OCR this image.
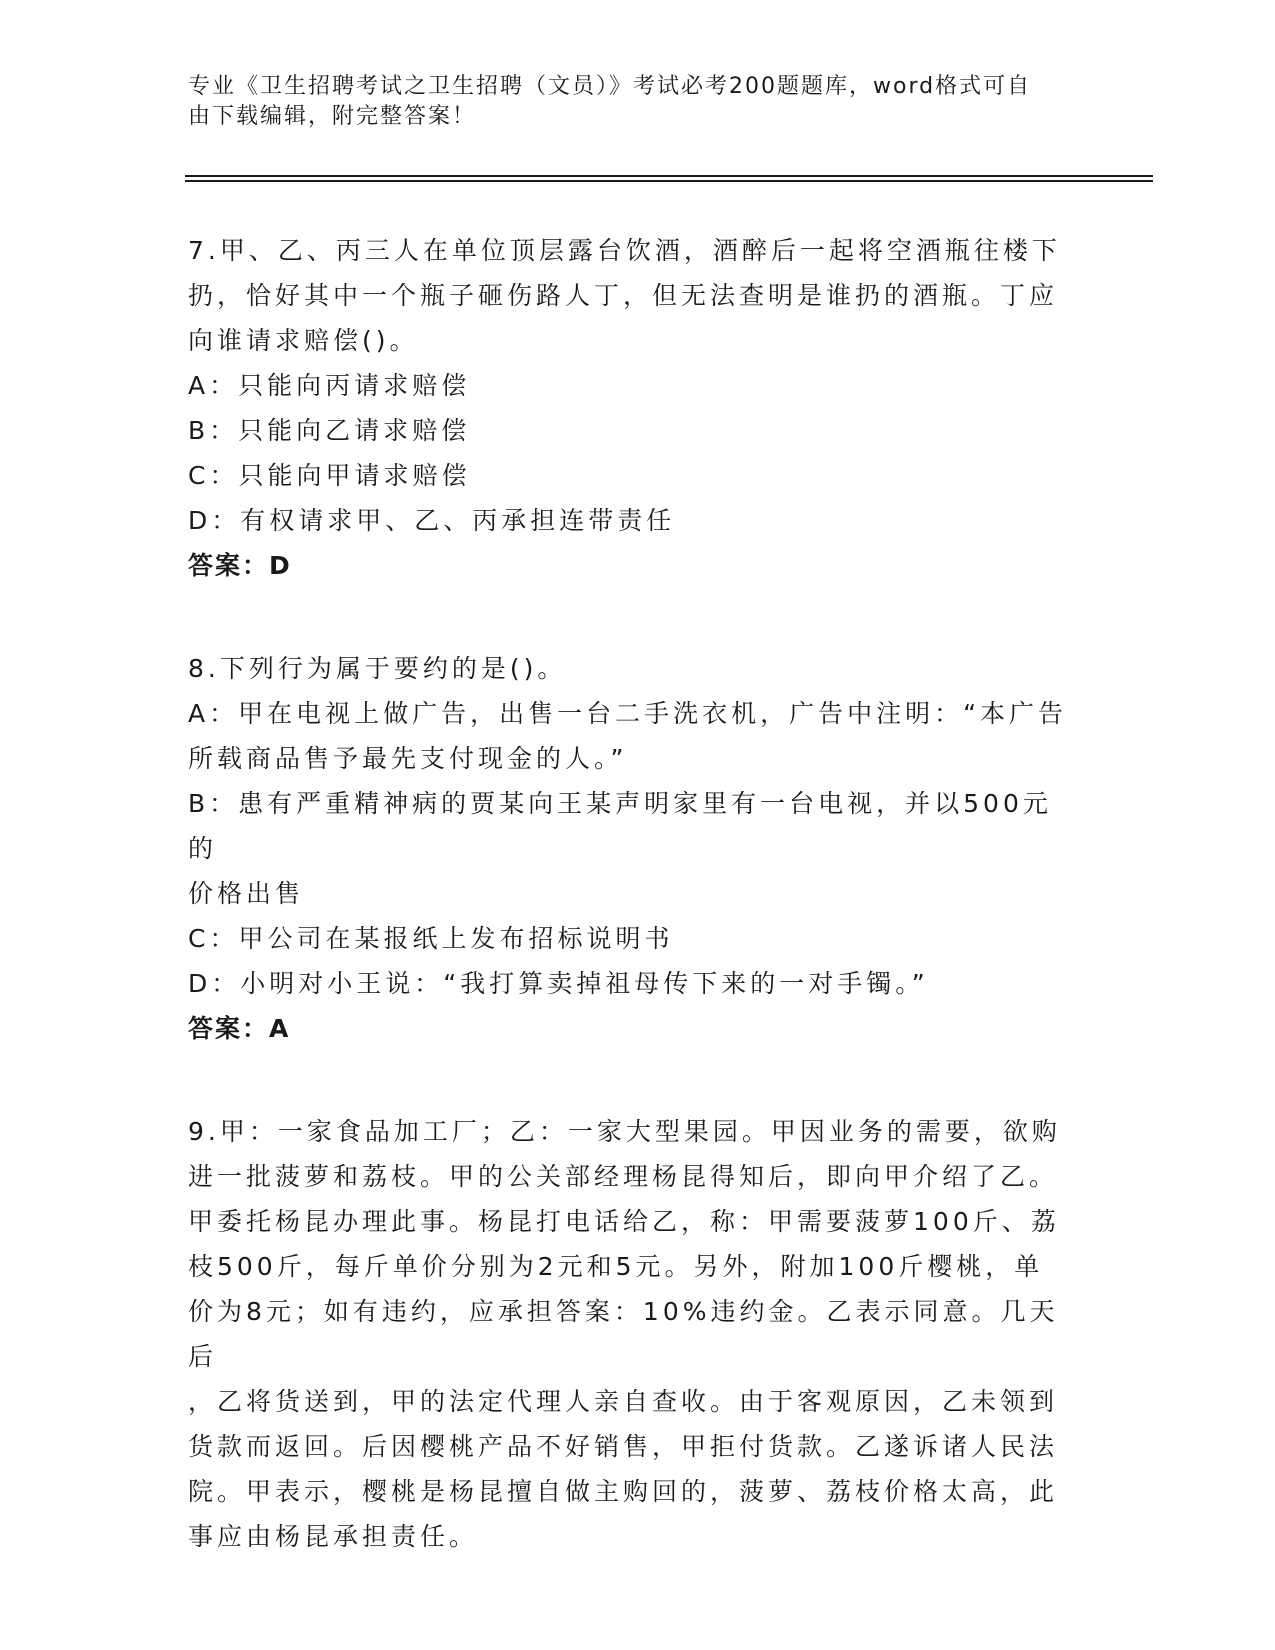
专业《卫生招聘考试之卫生招聘（文员）》考试必考200题题库，word格式可自
由下载编辑，附完整答案！
7.甲、乙、丙三人在单位顶层露台饮酒，酒醉后一起将空酒瓶往楼下
扔，恰好其中一个瓶子砸伤路人丁，但无法查明是谁扔的酒瓶。丁应
向谁请求赔偿()。
A：只能向丙请求赔偿
B：只能向乙请求赔偿
C：只能向甲请求赔偿
D：有权请求甲、乙、丙承担连带责任
答案：D
8.下列行为属于要约的是()。
A：甲在电视上做广告，出售一台二手洗衣机，广告中注明：“本广告
所载商品售予最先支付现金的人。”
B：患有严重精神病的贾某向王某声明家里有一台电视，并以500元的
价格出售
C：甲公司在某报纸上发布招标说明书
D：小明对小王说：“我打算卖掉祖母传下来的一对手镯。”
答案：A
9.甲：一家食品加工厂；乙：一家大型果园。甲因业务的需要，欲购
进一批菠萝和荔枝。甲的公关部经理杨昆得知后，即向甲介绍了乙。
甲委托杨昆办理此事。杨昆打电话给乙，称：甲需要菠萝100斤、荔
枝500斤，每斤单价分别为2元和5元。另外，附加100斤樱桃，单
价为8元；如有违约，应承担答案：10%违约金。乙表示同意。几天后
，乙将货送到，甲的法定代理人亲自查收。由于客观原因，乙未领到
货款而返回。后因樱桃产品不好销售，甲拒付货款。乙遂诉诸人民法
院。甲表示，樱桃是杨昆擅自做主购回的，菠萝、荔枝价格太高，此
事应由杨昆承担责任。
